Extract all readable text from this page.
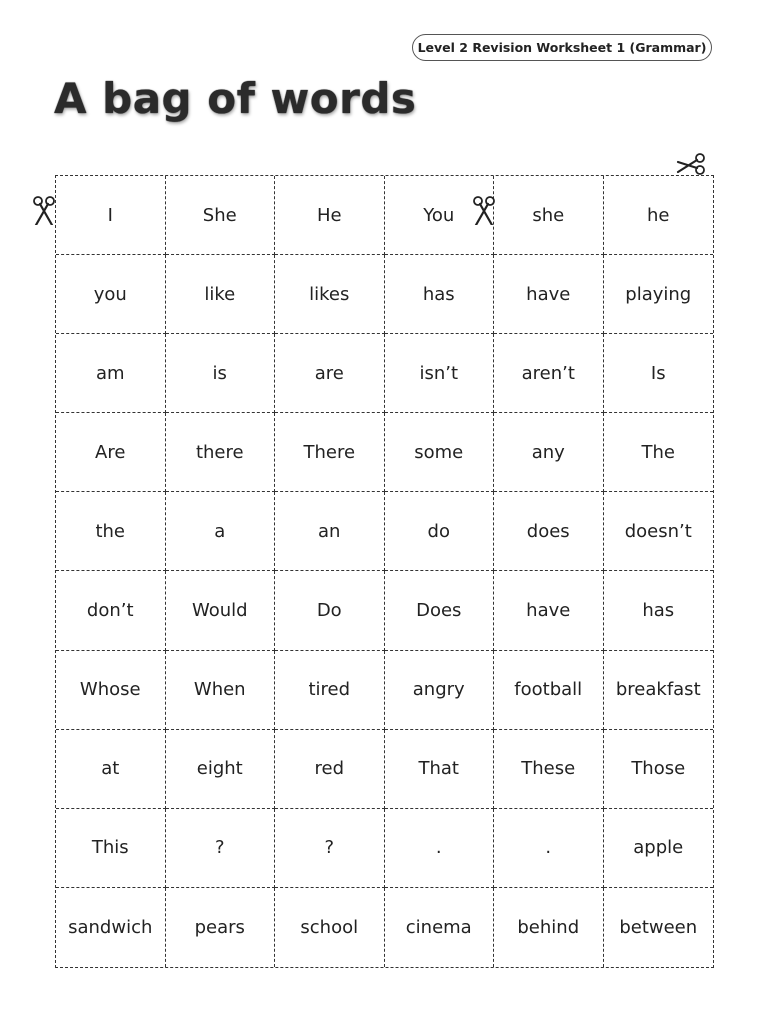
Level 2 Revision Worksheet 1 (Grammar)
A bag of words
I	She	He	You	she	he
you	like	likes	has	have	playing
am	is	are	isn’t	aren’t	Is
Are	there	There	some	any	The
the	a	an	do	does	doesn’t
don’t	Would	Do	Does	have	has
Whose	When	tired	angry	football	breakfast
at	eight	red	That	These	Those
This	?	?	.	.	apple
sandwich	pears	school	cinema	behind	between
